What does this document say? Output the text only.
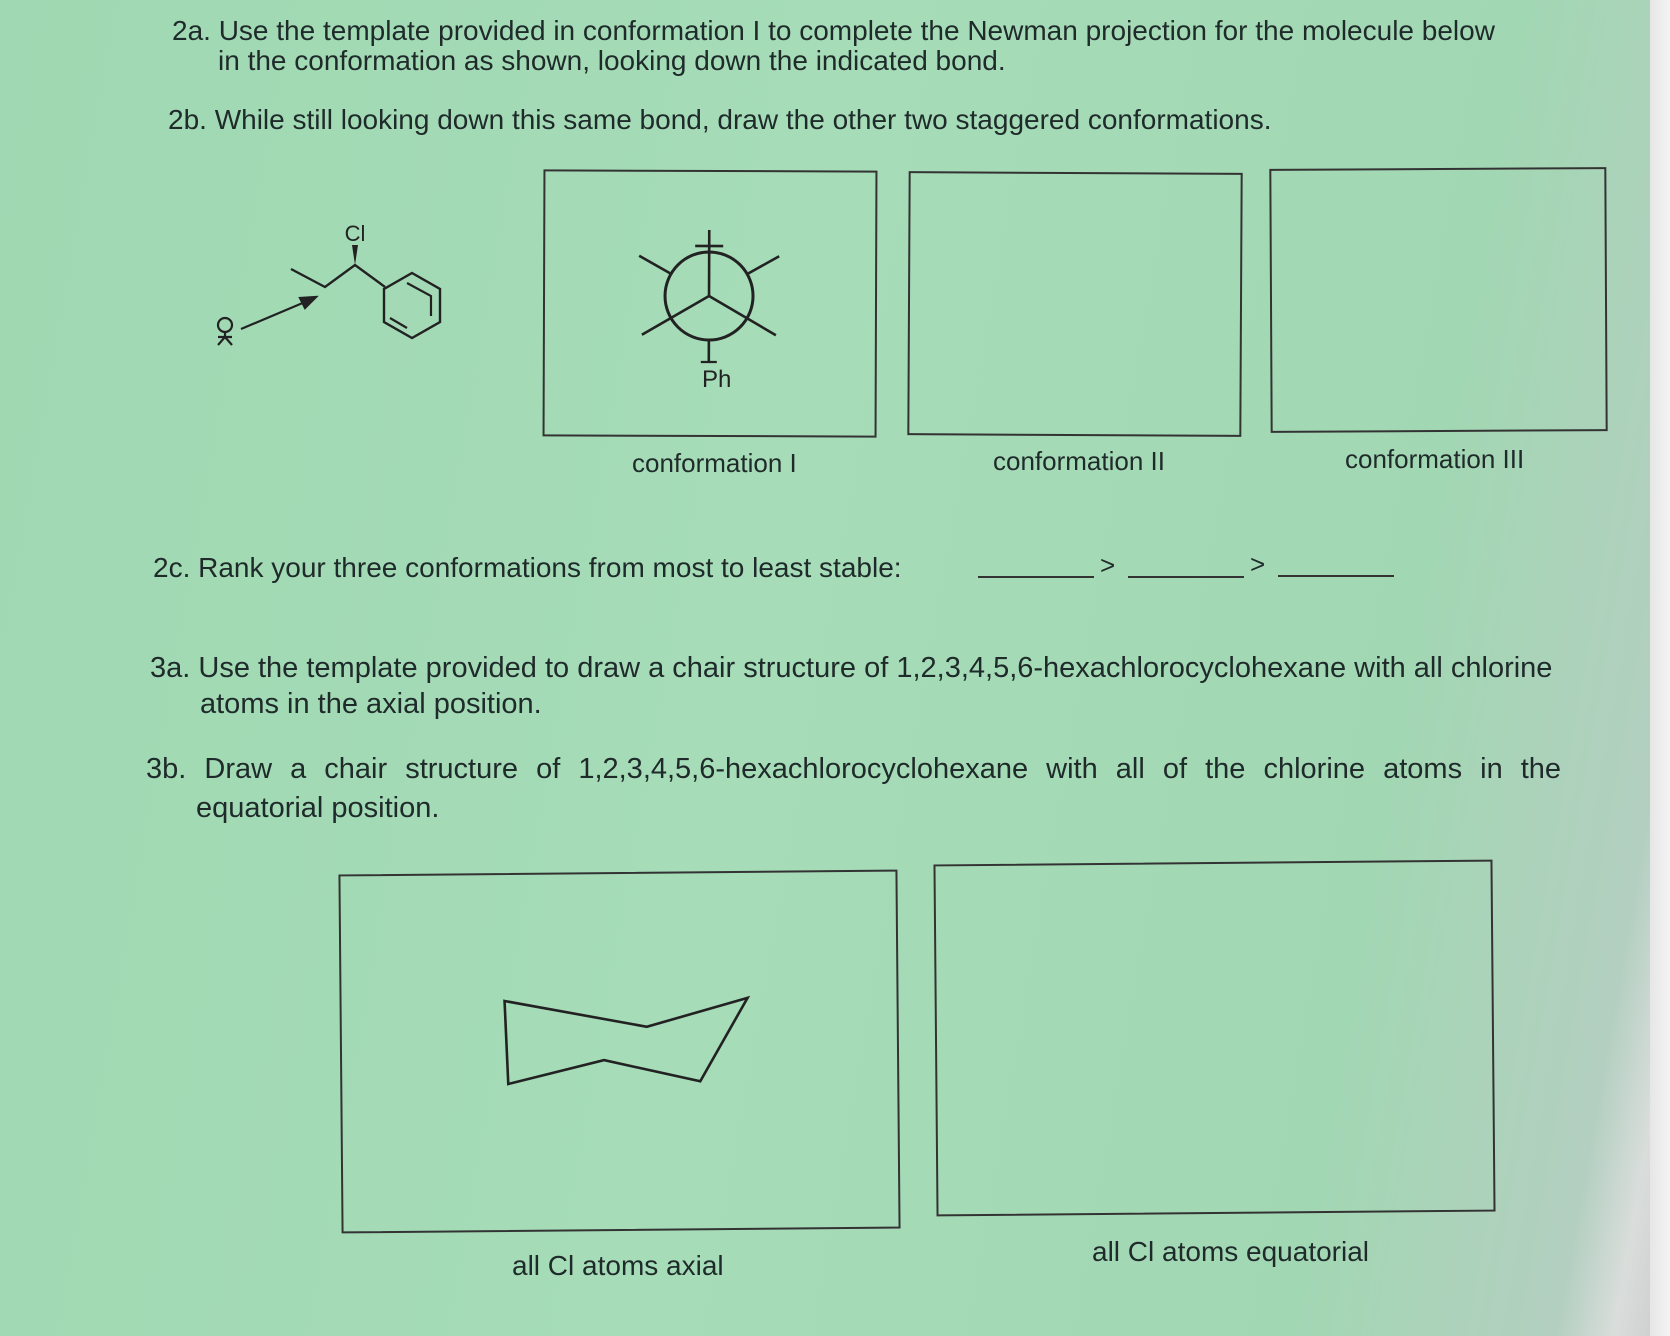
2a. Use the template provided in conformation I to complete the Newman projection for the molecule below
in the conformation as shown, looking down the indicated bond.
2b. While still looking down this same bond, draw the other two staggered conformations.
Cl
Ph
conformation I	conformation II	conformation III
2c. Rank your three conformations from most to least stable:	>	>
3a. Use the template provided to draw a chair structure of 1,2,3,4,5,6-hexachlorocyclohexane with all chlorine
atoms in the axial position.
3b. Draw a chair structure of 1,2,3,4,5,6-hexachlorocyclohexane with all of the chlorine atoms in the
equatorial position.
all Cl atoms axial	all Cl atoms equatorial
